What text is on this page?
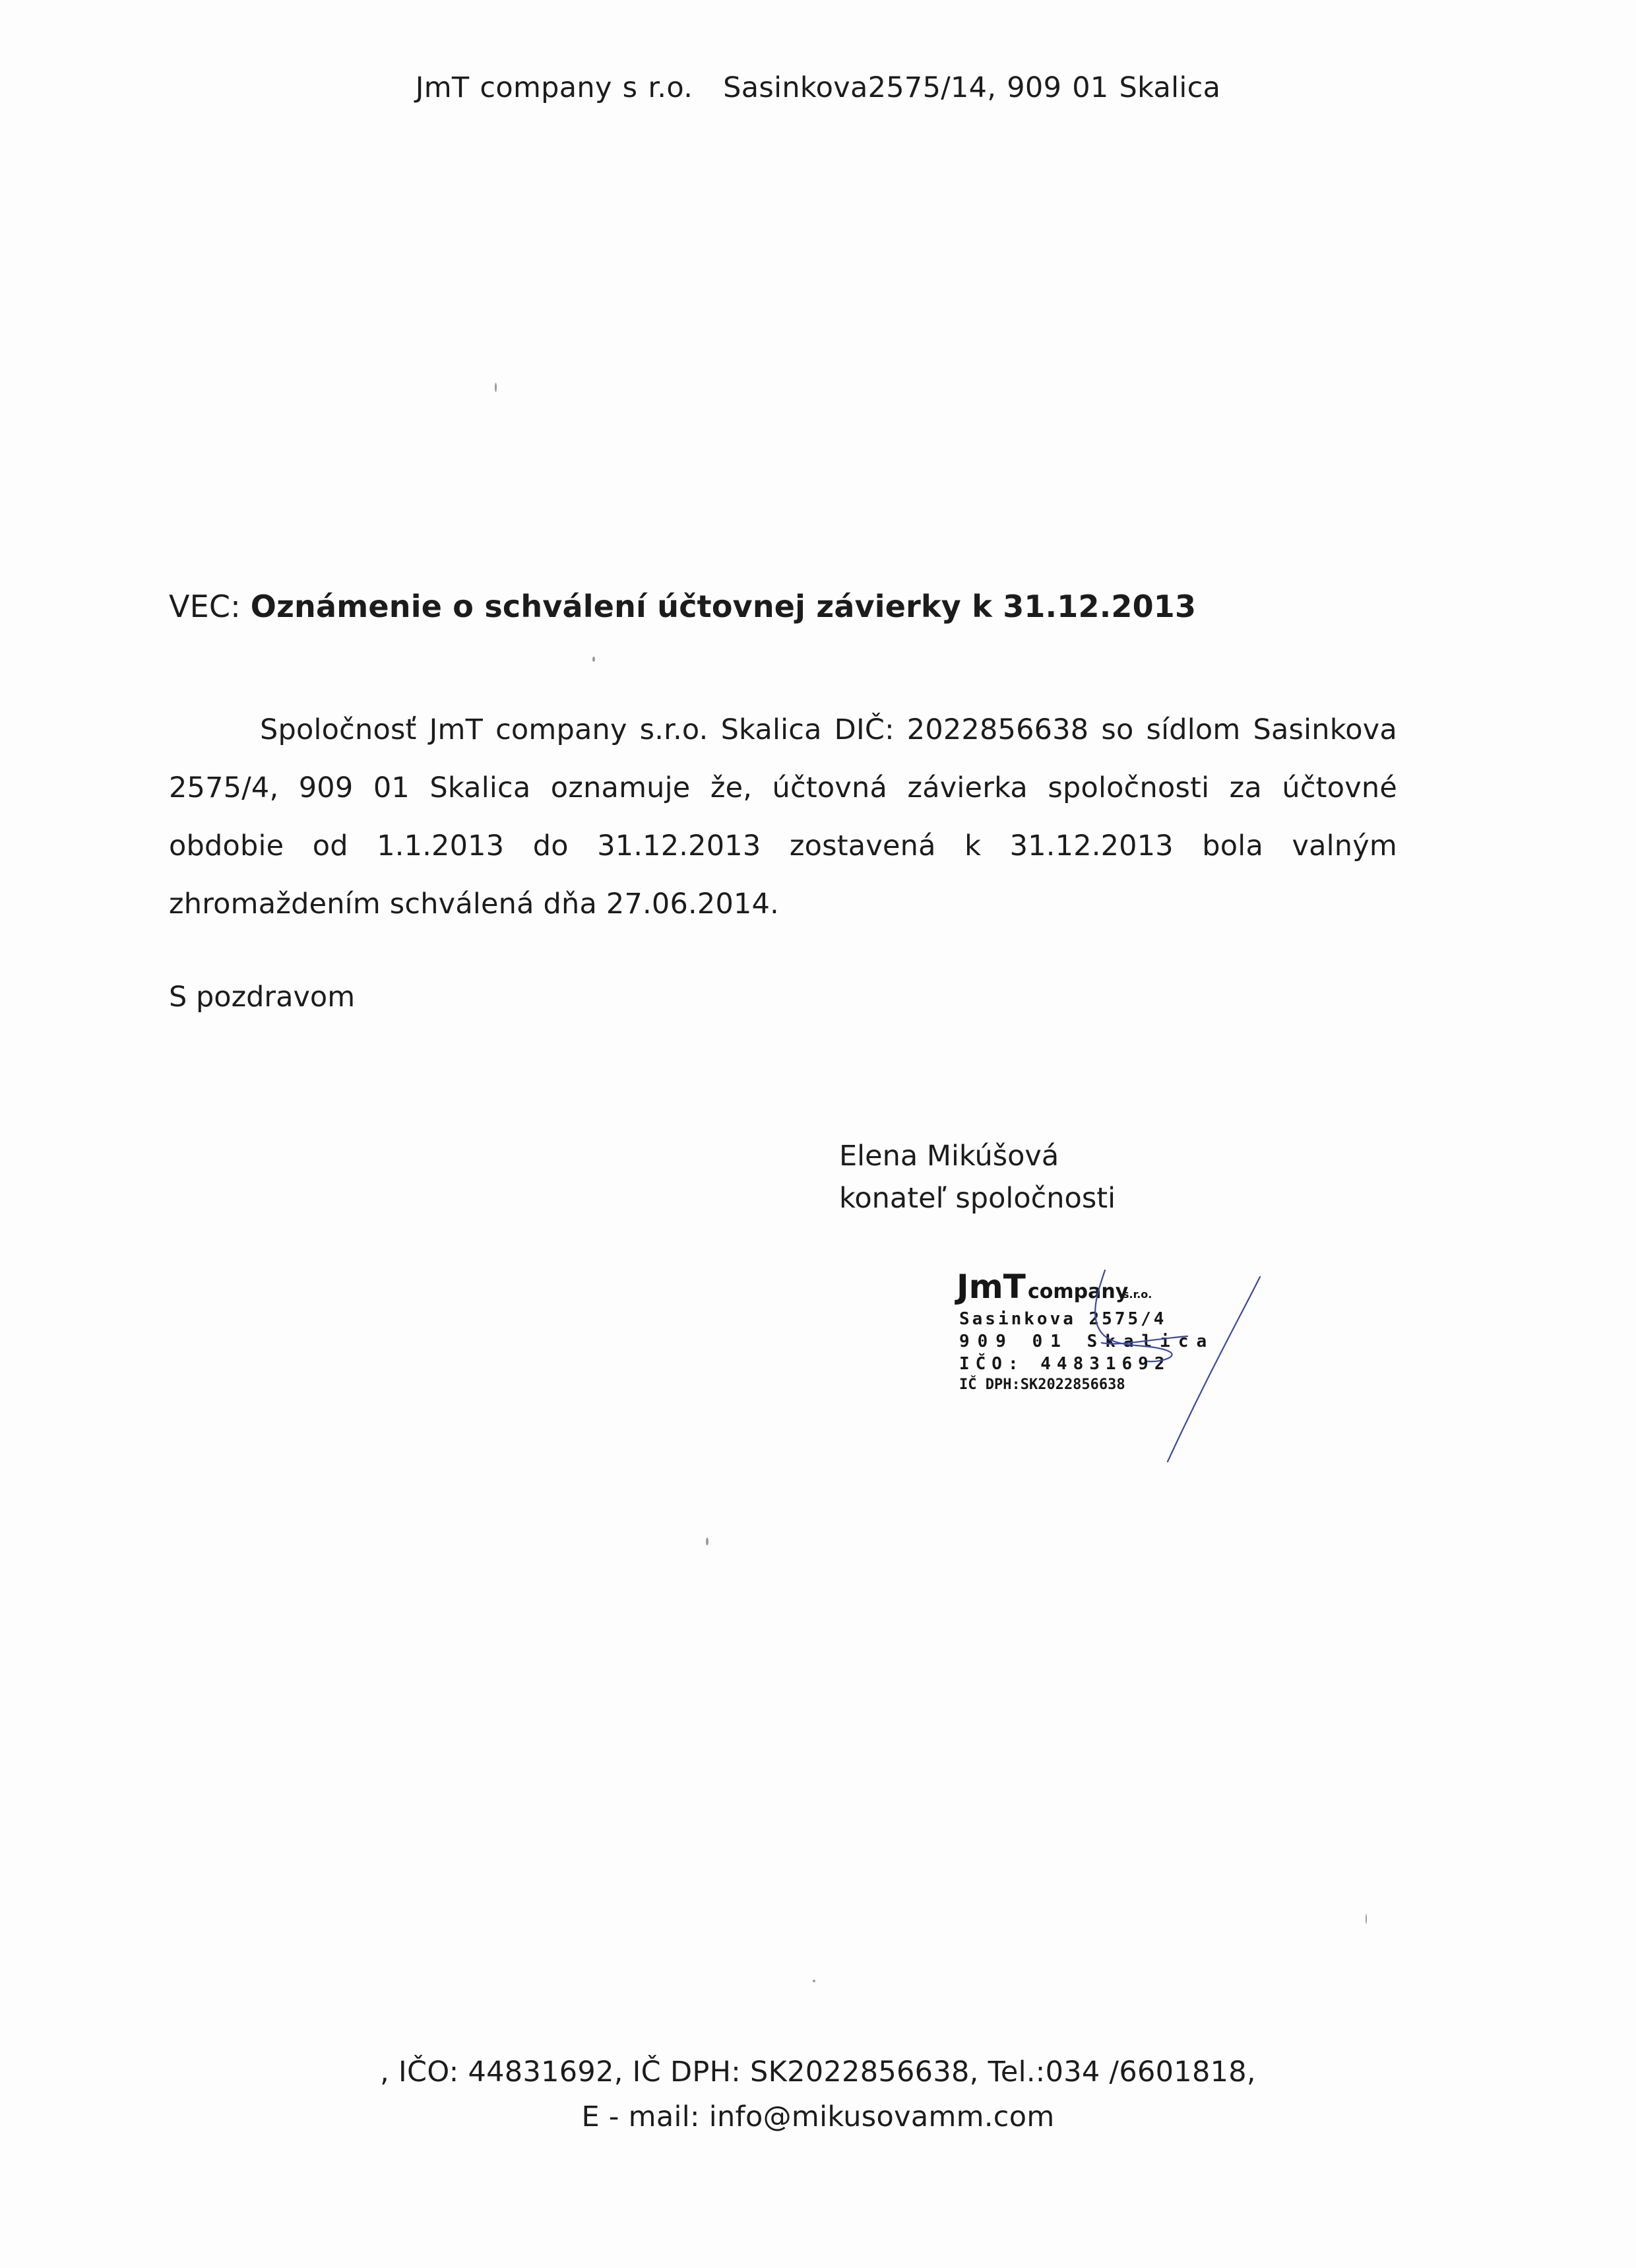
JmT company s r.o. Sasinkova2575/14, 909 01 Skalica
VEC: Oznámenie o schválení účtovnej závierky k 31.12.2013
Spoločnosť JmT company s.r.o. Skalica DIČ: 2022856638 so sídlom Sasinkova 2575/4, 909 01 Skalica oznamuje že, účtovná závierka spoločnosti za účtovné obdobie od 1.1.2013 do 31.12.2013 zostavená k 31.12.2013 bola valným zhromaždením schválená dňa 27.06.2014.
S pozdravom
Elena Mikúšová
konateľ spoločnosti
JmT company
s.r.o.
Sasinkova 2575/4
909 01 Skalica
IČO: 44831692
IČ DPH:SK2022856638
, IČO: 44831692, IČ DPH: SK2022856638, Tel.:034 /6601818,
E - mail: info@mikusovamm.com
